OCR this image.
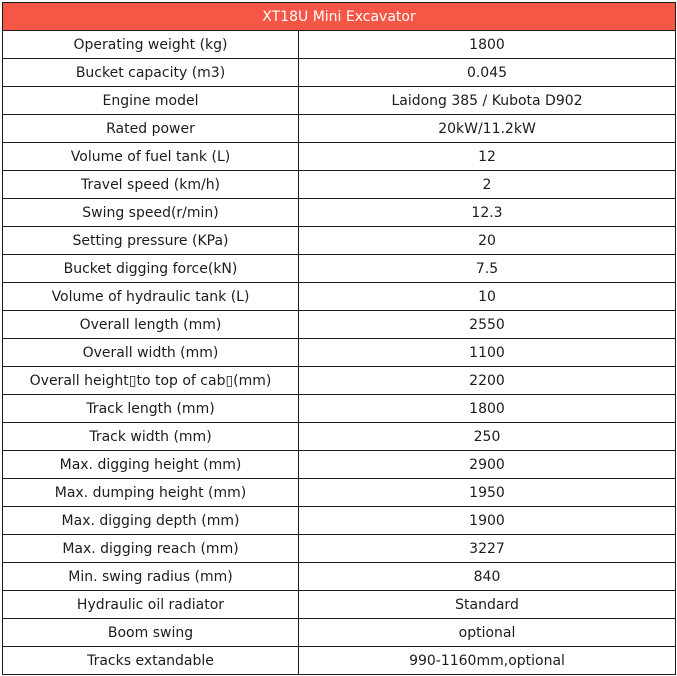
XT18U Mini Excavator	
Operating weight (kg)	1800
Bucket capacity (m3)	0.045
Engine model	Laidong 385 / Kubota D902
Rated power	20kW/11.2kW
Volume of fuel tank (L)	12
Travel speed (km/h)	2
Swing speed(r/min)	12.3
Setting pressure (KPa)	20
Bucket digging force(kN)	7.5
Volume of hydraulic tank (L)	10
Overall length (mm)	2550
Overall width (mm)	1100
Overall height▯to top of cab▯(mm)	2200
Track length (mm)	1800
Track width (mm)	250
Max. digging height (mm)	2900
Max. dumping height (mm)	1950
Max. digging depth (mm)	1900
Max. digging reach (mm)	3227
Min. swing radius (mm)	840
Hydraulic oil radiator	Standard
Boom swing	optional
Tracks extandable	990-1160mm,optional
